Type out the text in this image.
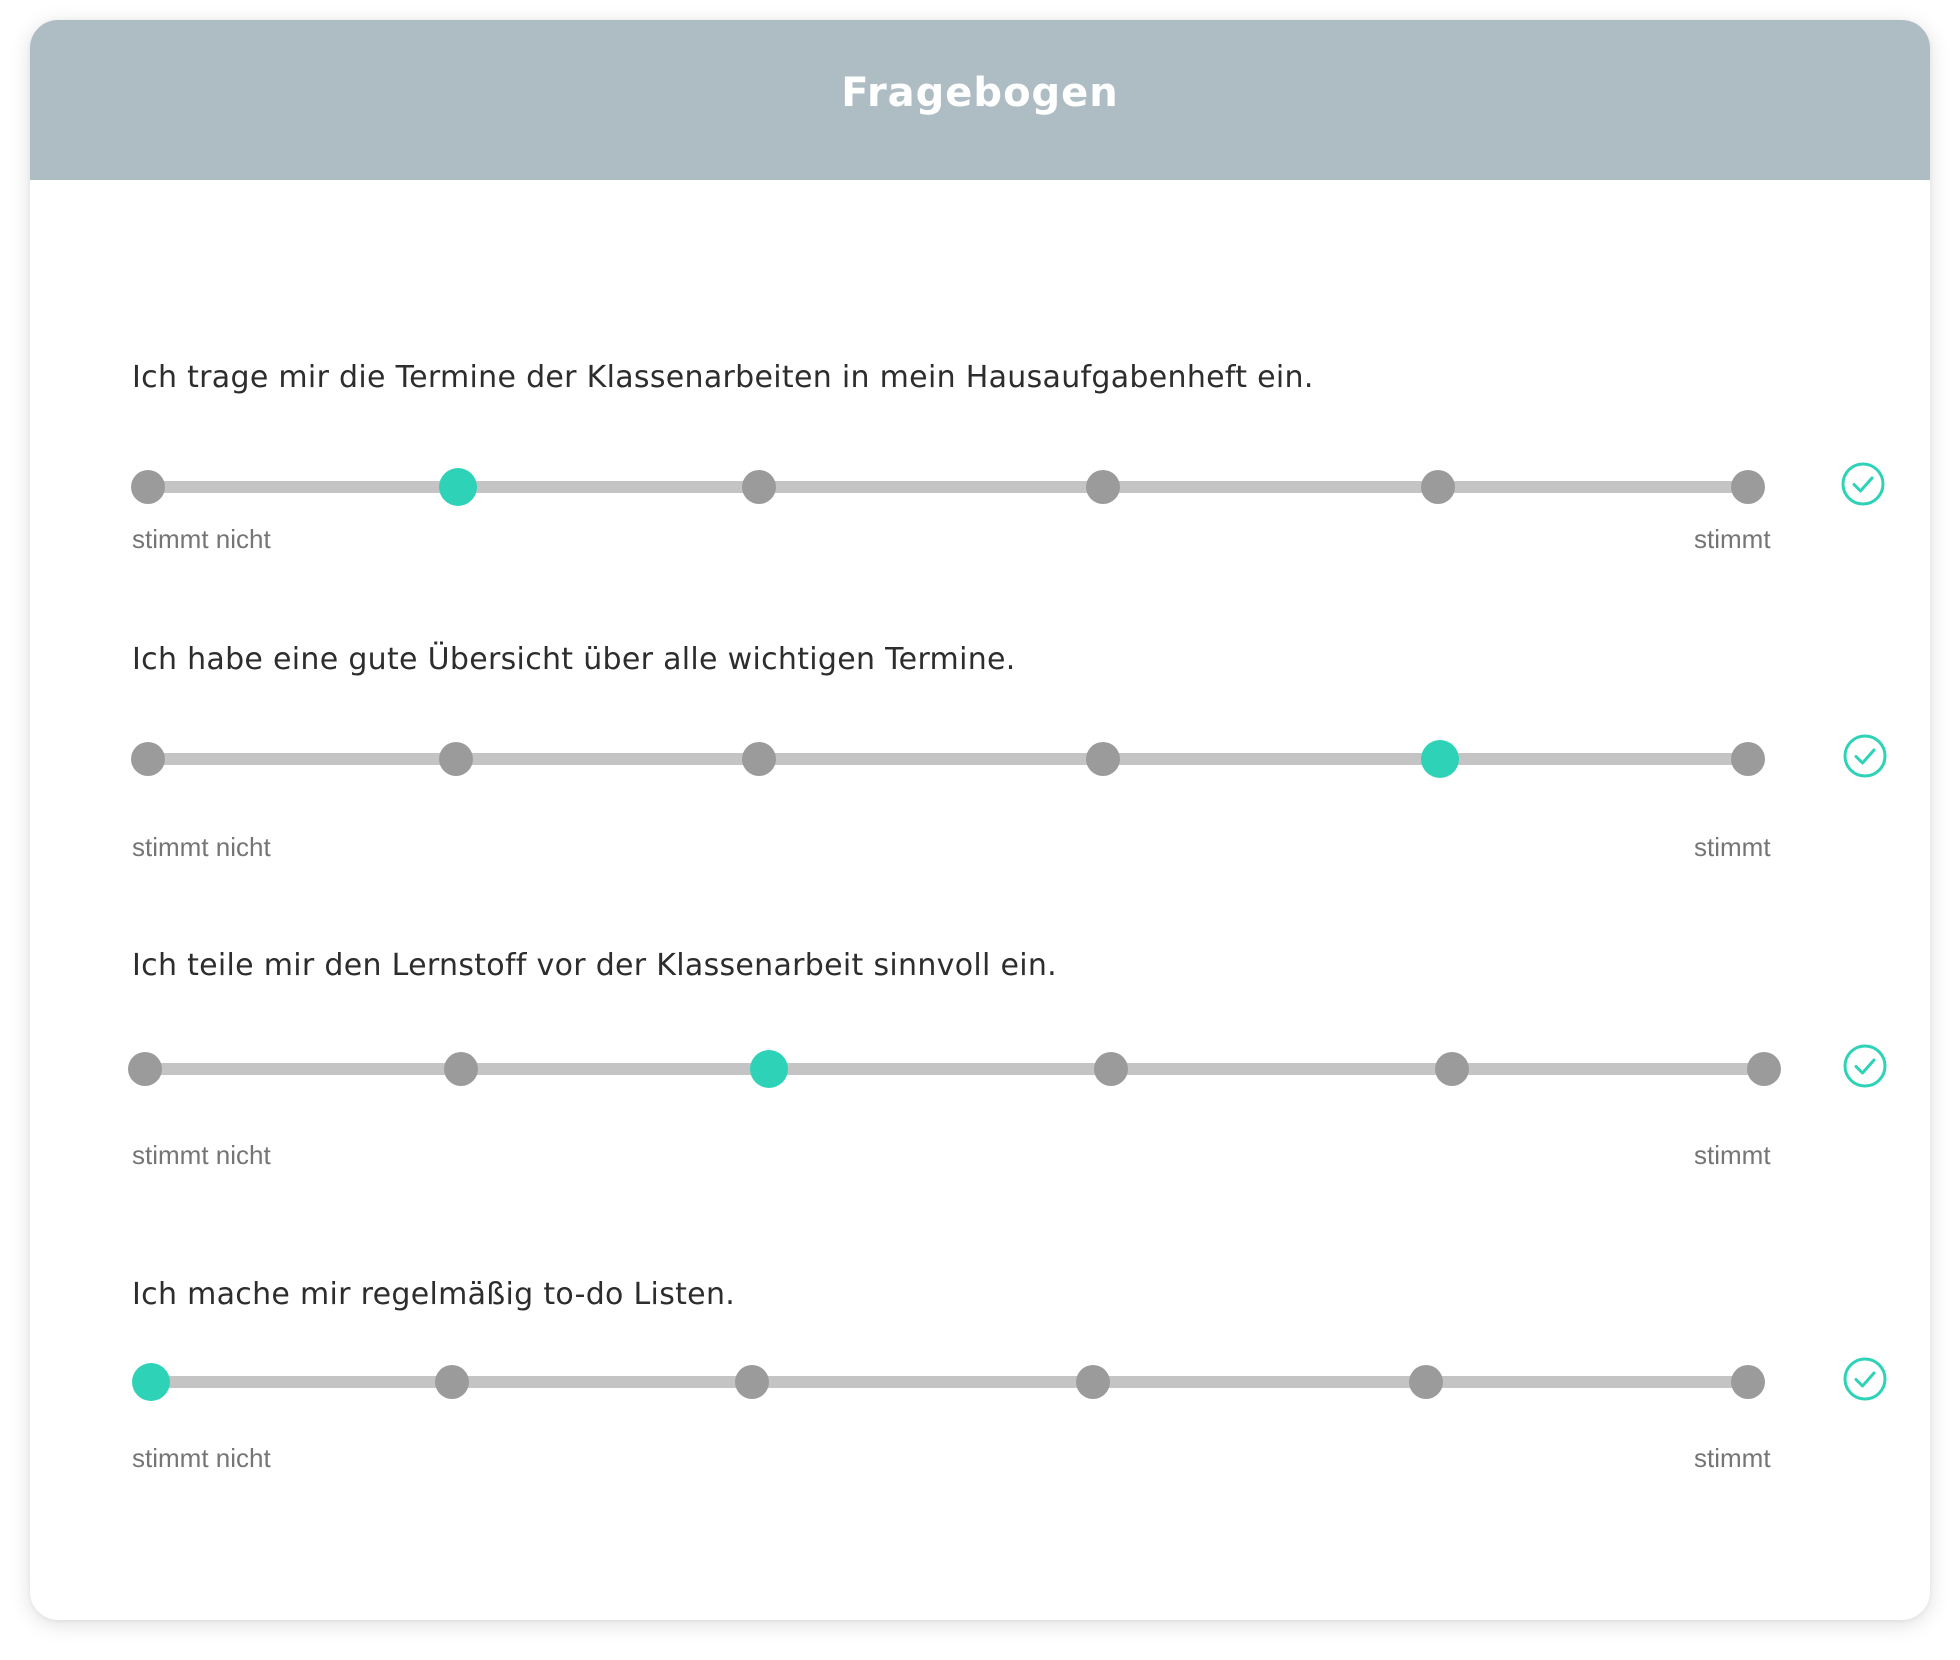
Fragebogen
Ich trage mir die Termine der Klassenarbeiten in mein Hausaufgabenheft ein.
stimmt nicht	stimmt
Ich habe eine gute Übersicht über alle wichtigen Termine.
stimmt nicht	stimmt
Ich teile mir den Lernstoff vor der Klassenarbeit sinnvoll ein.
stimmt nicht	stimmt
Ich mache mir regelmäßig to-do Listen.
stimmt nicht	stimmt
